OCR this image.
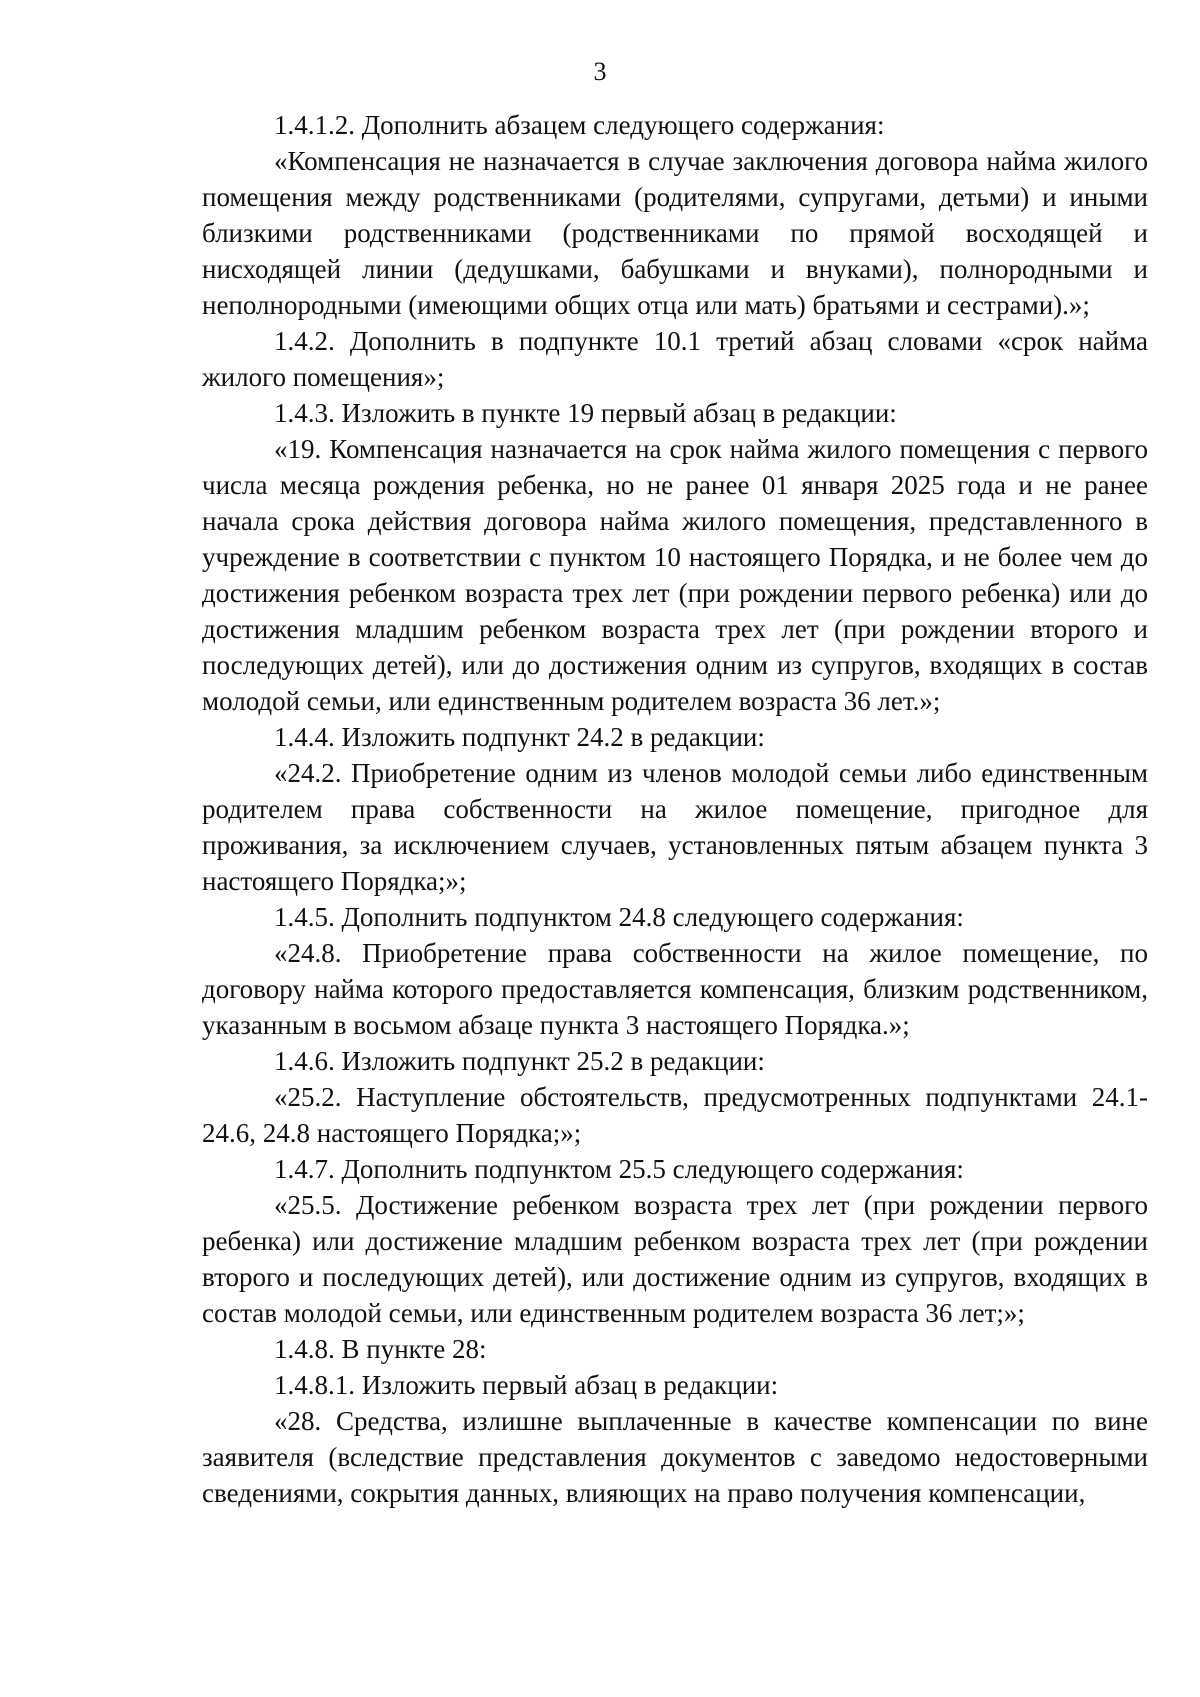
3

1.4.1.2. Дополнить абзацем следующего содержания:

«Компенсация не назначается в случае заключения договора найма жилого помещения между родственниками (родителями, супругами, детьми) и иными близкими родственниками (родственниками по прямой восходящей и нисходящей линии (дедушками, бабушками и внуками), полнородными и неполнородными (имеющими общих отца или мать) братьями и сестрами).»;

1.4.2. Дополнить в подпункте 10.1 третий абзац словами «срок найма жилого помещения»;

1.4.3. Изложить в пункте 19 первый абзац в редакции:

«19. Компенсация назначается на срок найма жилого помещения с первого числа месяца рождения ребенка, но не ранее 01 января 2025 года и не ранее начала срока действия договора найма жилого помещения, представленного в учреждение в соответствии с пунктом 10 настоящего Порядка, и не более чем до достижения ребенком возраста трех лет (при рождении первого ребенка) или до достижения младшим ребенком возраста трех лет (при рождении второго и последующих детей), или до достижения одним из супругов, входящих в состав молодой семьи, или единственным родителем возраста 36 лет.»;

1.4.4. Изложить подпункт 24.2 в редакции:

«24.2. Приобретение одним из членов молодой семьи либо единственным родителем права собственности на жилое помещение, пригодное для проживания, за исключением случаев, установленных пятым абзацем пункта 3 настоящего Порядка;»;

1.4.5. Дополнить подпунктом 24.8 следующего содержания:

«24.8. Приобретение права собственности на жилое помещение, по договору найма которого предоставляется компенсация, близким родственником, указанным в восьмом абзаце пункта 3 настоящего Порядка.»;

1.4.6. Изложить подпункт 25.2 в редакции:

«25.2. Наступление обстоятельств, предусмотренных подпунктами 24.1-24.6, 24.8 настоящего Порядка;»;

1.4.7. Дополнить подпунктом 25.5 следующего содержания:

«25.5. Достижение ребенком возраста трех лет (при рождении первого ребенка) или достижение младшим ребенком возраста трех лет (при рождении второго и последующих детей), или достижение одним из супругов, входящих в состав молодой семьи, или единственным родителем возраста 36 лет;»;

1.4.8. В пункте 28:

1.4.8.1. Изложить первый абзац в редакции:

«28. Средства, излишне выплаченные в качестве компенсации по вине заявителя (вследствие представления документов с заведомо недостоверными сведениями, сокрытия данных, влияющих на право получения компенсации,
